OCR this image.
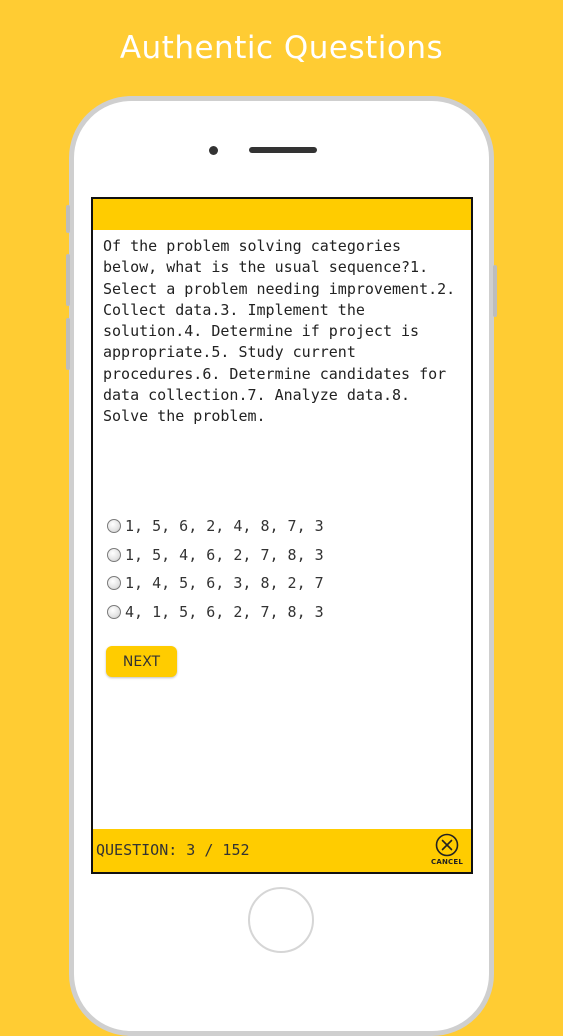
Authentic Questions

Of the problem solving categories below, what is the usual sequence?1. Select a problem needing improvement.2. Collect data.3. Implement the solution.4. Determine if project is appropriate.5. Study current procedures.6. Determine candidates for data collection.7. Analyze data.8. Solve the problem.

1, 5, 6, 2, 4, 8, 7, 3
1, 5, 4, 6, 2, 7, 8, 3
1, 4, 5, 6, 3, 8, 2, 7
4, 1, 5, 6, 2, 7, 8, 3
NEXT
QUESTION: 3 / 152
CANCEL
